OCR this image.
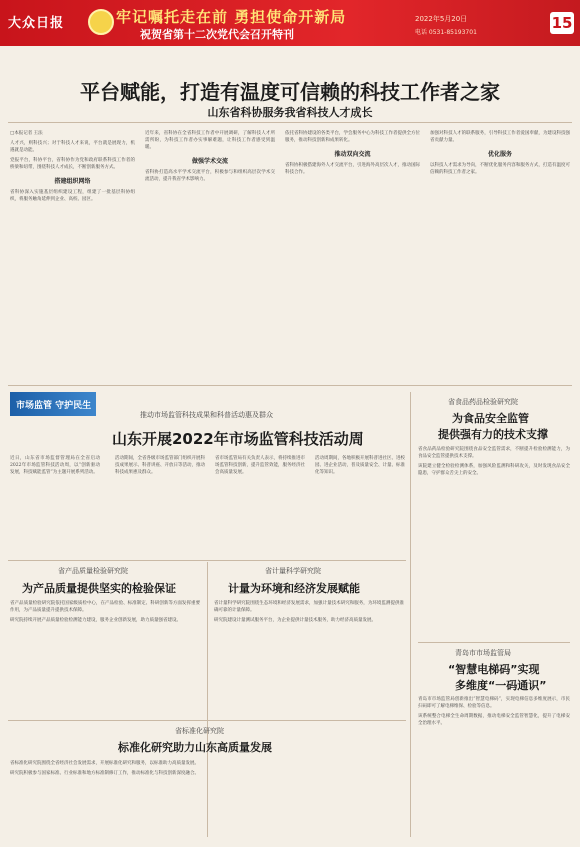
大众日报	牢记嘱托走在前 勇担使命开新局
祝贺省第十二次党代会召开特刊
2022年5月20日
电话 0531-85193701
15
平台赋能，打造有温度可信赖的科技工作者之家
山东省科协服务我省科技人才成长

□本报记者 王法

人才兴，则科技兴；对于科技人才来说，平台就是展现力，机遇就是动能。

党报平台，科协平台，省科协作为党和政府联系科技工作者的桥梁和纽带，围绕科技人才成长，不断创新服务方式。

搭建组织网络

省科协深入实施基层组织建设工程，组建了一批基层科协组织，将服务触角延伸到企业、高校、园区。

近年来，省科协在全省科技工作者中开展调研，了解科技人才所需所盼，为科技工作者办实事解难题，让科技工作者感受到温暖。

做强学术交流

省科协打造高水平学术交流平台，积极参与和组织高层次学术交流活动，提升我省学术影响力。

依托省科协建设的各类平台，学会服务中心为科技工作者提供全方位服务，推动科技创新和成果转化。

推动双向交流

省科协积极搭建海外人才交流平台，引进海外高层次人才，推动国际科技合作。

加强对科技人才的联系服务，引导科技工作者爱国奉献，为建设科技强省贡献力量。

优化服务

以科技人才需求为导向，不断优化服务内容和服务方式，打造有温度可信赖的科技工作者之家。

市场监管 守护民生
推动市场监管科技成果和科普活动惠及群众
山东开展2022年市场监管科技活动周

近日，山东省市场监督管理局在全省启动2022年市场监管科技活动周，以“创新驱动发展，科技赋能监管”为主题开展系列活动。

活动期间，全省各级市场监管部门组织开展科技成果展示、科普讲座、开放日等活动，推动科技成果惠及群众。

省市场监管局有关负责人表示，将持续推进市场监管科技创新，提升监管效能，服务经济社会高质量发展。

活动周期间，各地积极开展科普进社区、进校园、进企业活动，普及质量安全、计量、标准化等知识。

省食品药品检验研究院
为食品安全监管
提供强有力的技术支撑

省食品药品检验研究院围绕食品安全监管需求，不断提升检验检测能力，为食品安全监管提供技术支撑。

该院建立健全检验检测体系，加强风险监测和科研攻关，及时发现食品安全隐患，守护群众舌尖上的安全。

省产品质量检验研究院
为产品质量提供坚实的检验保证

省产品质量检验研究院依托国家级质检中心，在产品检验、标准制定、科研创新等方面发挥重要作用，为产品质量提升提供技术保障。

研究院持续开展产品质量检验检测能力建设，服务企业创新发展，助力质量强省建设。

省计量科学研究院
计量为环境和经济发展赋能

省计量科学研究院围绕生态环境和经济发展需求，加强计量技术研究和服务，为环境监测提供准确可靠的计量保障。

研究院建设计量测试服务平台，为企业提供计量技术服务，助力经济高质量发展。

青岛市市场监管局
“智慧电梯码”实现
多维度“一码通识”

青岛市市场监管局创新推出“智慧电梯码”，实现电梯信息多维度展示，市民扫码即可了解电梯维保、检验等信息。

该系统整合电梯全生命周期数据，推动电梯安全监管智慧化，提升了电梯安全治理水平。

省标准化研究院
标准化研究助力山东高质量发展

省标准化研究院围绕全省经济社会发展需求，开展标准化研究和服务，以标准助力高质量发展。

研究院积极参与国家标准、行业标准和地方标准制修订工作，推动标准化与科技创新深度融合。
